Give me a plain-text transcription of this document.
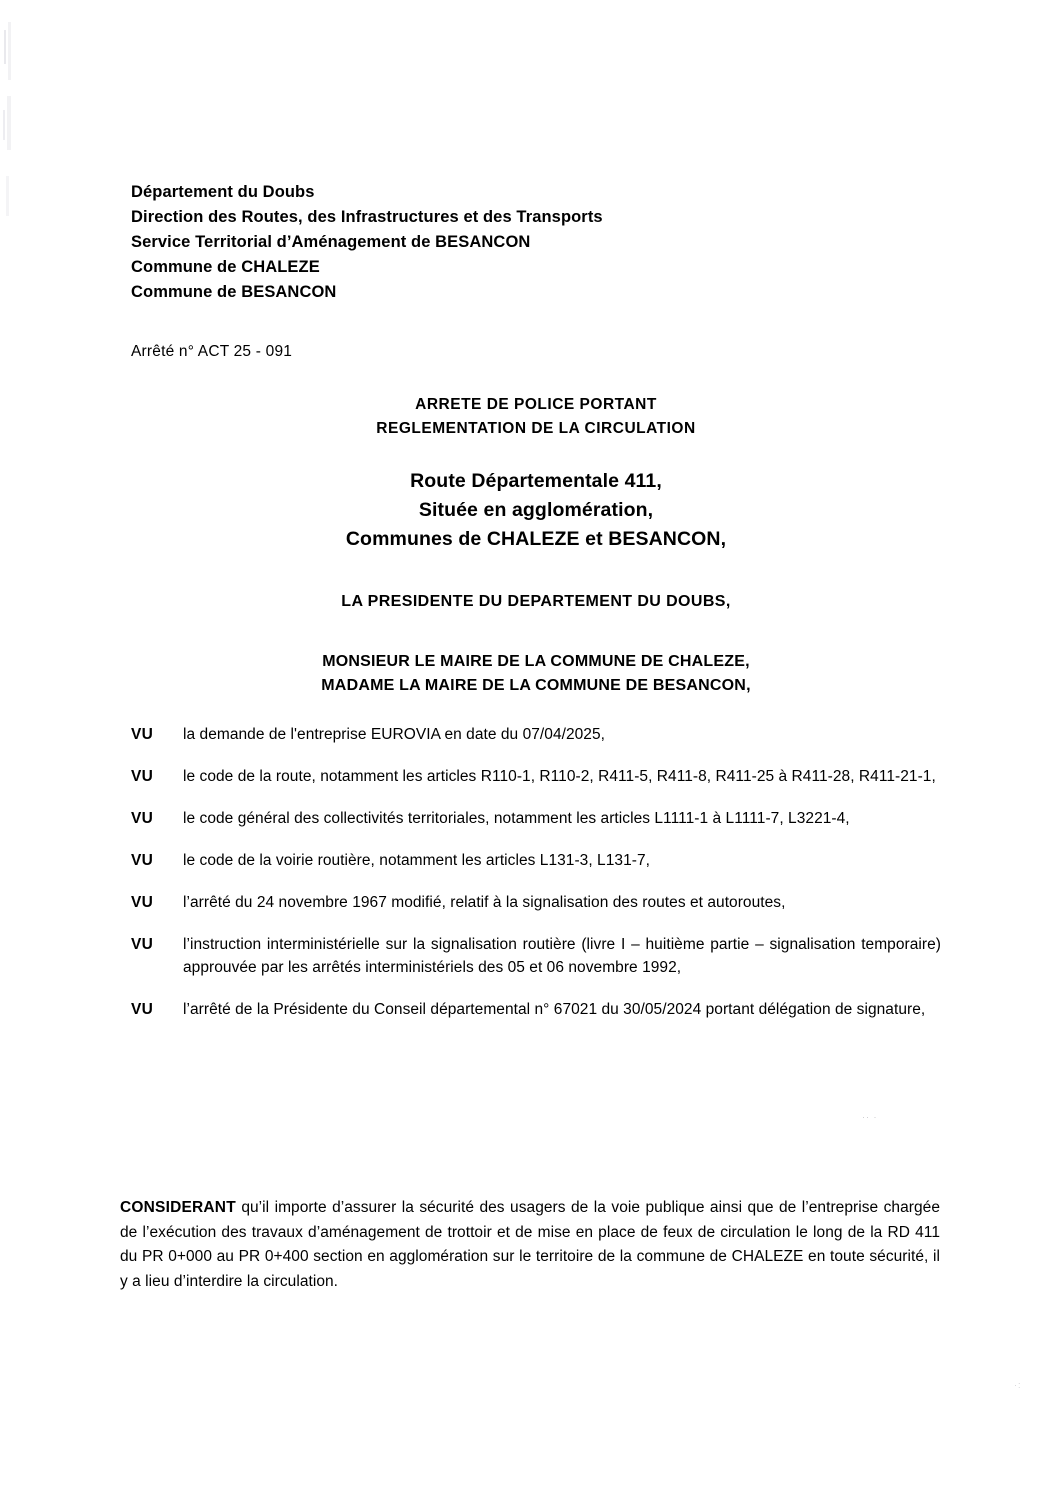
Département du Doubs
Direction des Routes, des Infrastructures et des Transports
Service Territorial d’Aménagement de BESANCON
Commune de CHALEZE
Commune de BESANCON
Arrêté n° ACT 25 - 091
ARRETE DE POLICE PORTANT
REGLEMENTATION DE LA CIRCULATION
Route Départementale 411,
Située en agglomération,
Communes de CHALEZE et BESANCON,
LA PRESIDENTE DU DEPARTEMENT DU DOUBS,
MONSIEUR LE MAIRE DE LA COMMUNE DE CHALEZE,
MADAME LA MAIRE DE LA COMMUNE DE BESANCON,
VU	la demande de l'entreprise EUROVIA en date du 07/04/2025,
VU	le code de la route, notamment les articles R110-1, R110-2, R411-5, R411-8, R411-25 à R411-28, R411-21-1,
VU	le code général des collectivités territoriales, notamment les articles L1111-1 à L1111-7, L3221-4,
VU	le code de la voirie routière, notamment les articles L131-3, L131-7,
VU	l’arrêté du 24 novembre 1967 modifié, relatif à la signalisation des routes et autoroutes,
VU	l’instruction interministérielle sur la signalisation routière (livre I – huitième partie – signalisation temporaire) approuvée par les arrêtés interministériels des 05 et 06 novembre 1992,
VU	l’arrêté de la Présidente du Conseil départemental n° 67021 du 30/05/2024 portant délégation de signature,
·· ·
CONSIDERANT qu’il importe d’assurer la sécurité des usagers de la voie publique ainsi que de l’entreprise chargée de l’exécution des travaux d’aménagement de trottoir et de mise en place de feux de circulation le long de la RD 411 du PR 0+000 au PR 0+400 section en agglomération sur le territoire de la commune de CHALEZE en toute sécurité, il y a lieu d’interdire la circulation.
·:
